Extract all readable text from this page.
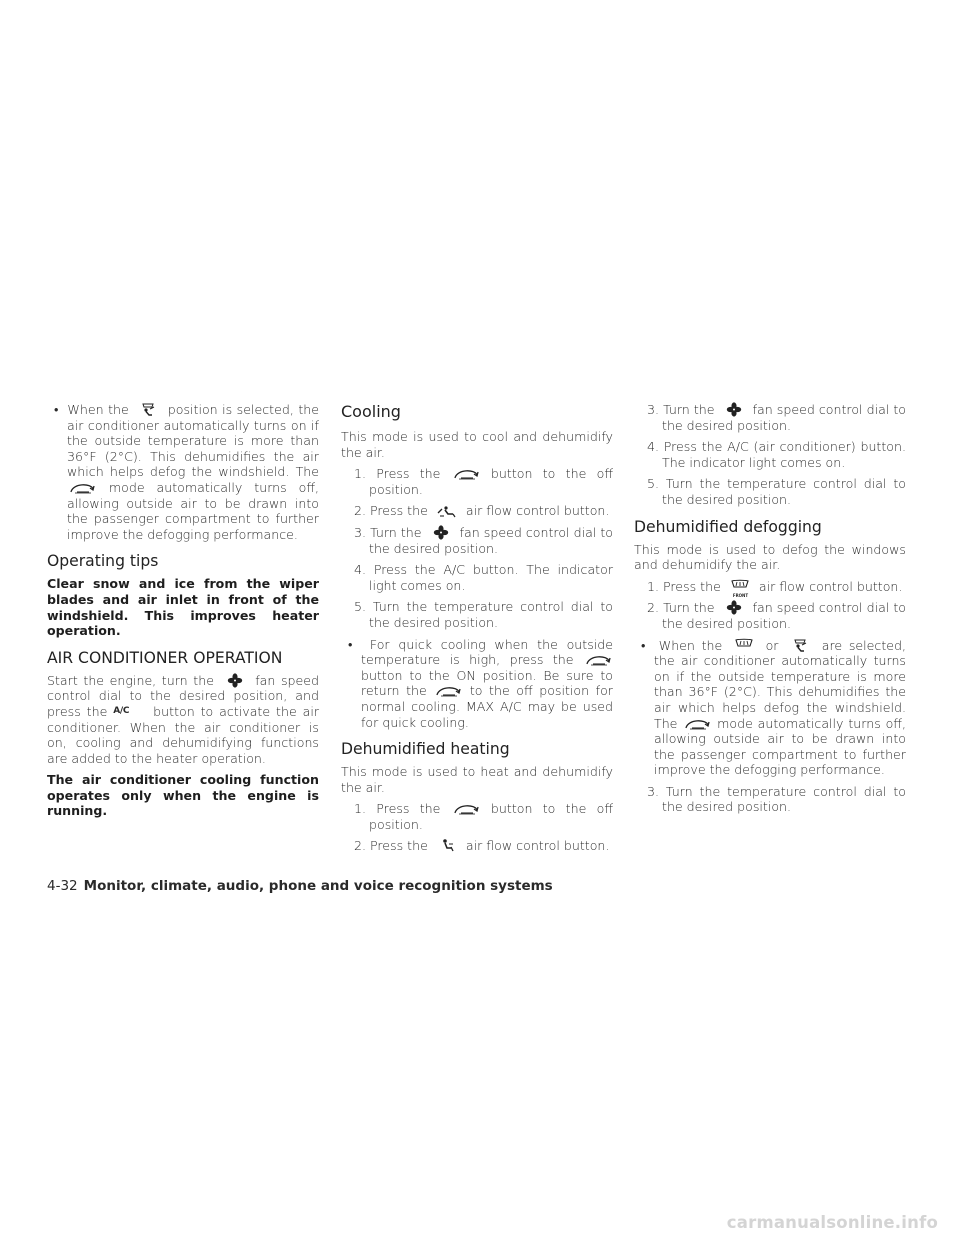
• When the
position is selected, the air conditioner automatically turns on if the outside temperature is more than 36°F (2°C). This dehumidifies the air which helps defog the windshield. The
mode automatically turns off, allowing outside air to be drawn into the passenger compartment to further improve the defogging performance.

Operating tips

Clear snow and ice from the wiper blades and air inlet in front of the windshield. This improves heater operation.

AIR CONDITIONER OPERATION

Start the engine, turn the
fan speed control dial to the desired position, and press the A/C button to activate the air conditioner. When the air conditioner is on, cooling and dehumidifying functions are added to the heater operation.

The air conditioner cooling function operates only when the engine is running.

Cooling

This mode is used to cool and dehumidify the air.

1. Press the
button to the off position.

2. Press the
air flow control button.

3. Turn the
fan speed control dial to the desired position.

4. Press the A/C button. The indicator light comes on.

5. Turn the temperature control dial to the desired position.

• For quick cooling when the outside temperature is high, press the
button to the ON position. Be sure to return the
to the off position for normal cooling. MAX A/C may be used for quick cooling.

Dehumidified heating

This mode is used to heat and dehumidify the air.

1. Press the
button to the off position.

2. Press the
air flow control button.

3. Turn the
fan speed control dial to the desired position.

4. Press the A/C (air conditioner) button. The indicator light comes on.

5. Turn the temperature control dial to the desired position.

Dehumidified defogging

This mode is used to defog the windows and dehumidify the air.

1. Press the
FRONT
air flow control button.

2. Turn the
fan speed control dial to the desired position.

• When the
or
are selected, the air conditioner automatically turns on if the outside temperature is more than 36°F (2°C). This dehumidifies the air which helps defog the windshield. The
mode automatically turns off, allowing outside air to be drawn into the passenger compartment to further improve the defogging performance.

3. Turn the temperature control dial to the desired position.

4-32 Monitor, climate, audio, phone and voice recognition systems
carmanualsonline.info
